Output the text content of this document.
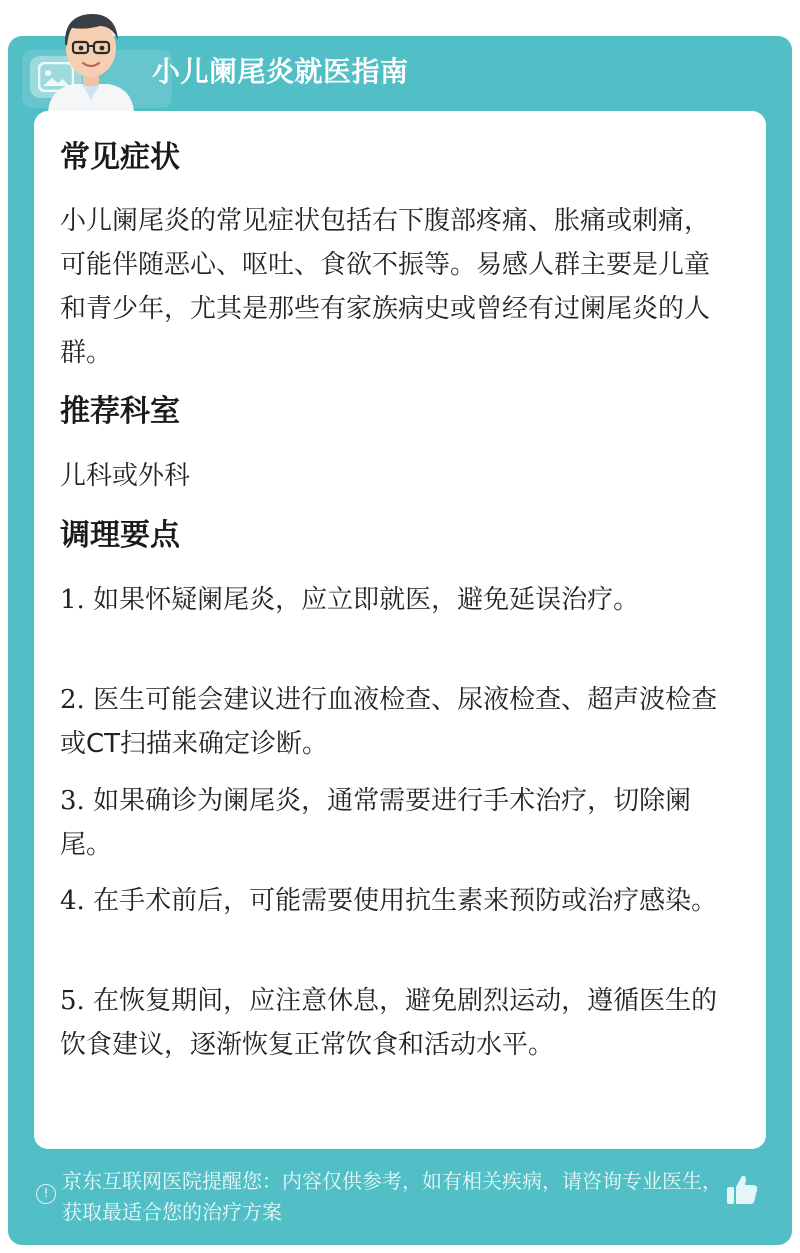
小儿阑尾炎就医指南
常见症状
小儿阑尾炎的常见症状包括右下腹部疼痛、胀痛或刺痛，可能伴随恶心、呕吐、食欲不振等。易感人群主要是儿童和青少年，尤其是那些有家族病史或曾经有过阑尾炎的人群。
推荐科室
儿科或外科
调理要点
1. 如果怀疑阑尾炎，应立即就医，避免延误治疗。
2. 医生可能会建议进行血液检查、尿液检查、超声波检查或CT扫描来确定诊断。
3. 如果确诊为阑尾炎，通常需要进行手术治疗，切除阑尾。
4. 在手术前后，可能需要使用抗生素来预防或治疗感染。
5. 在恢复期间，应注意休息，避免剧烈运动，遵循医生的饮食建议，逐渐恢复正常饮食和活动水平。
! 京东互联网医院提醒您：内容仅供参考，如有相关疾病，请咨询专业医生，获取最适合您的治疗方案
